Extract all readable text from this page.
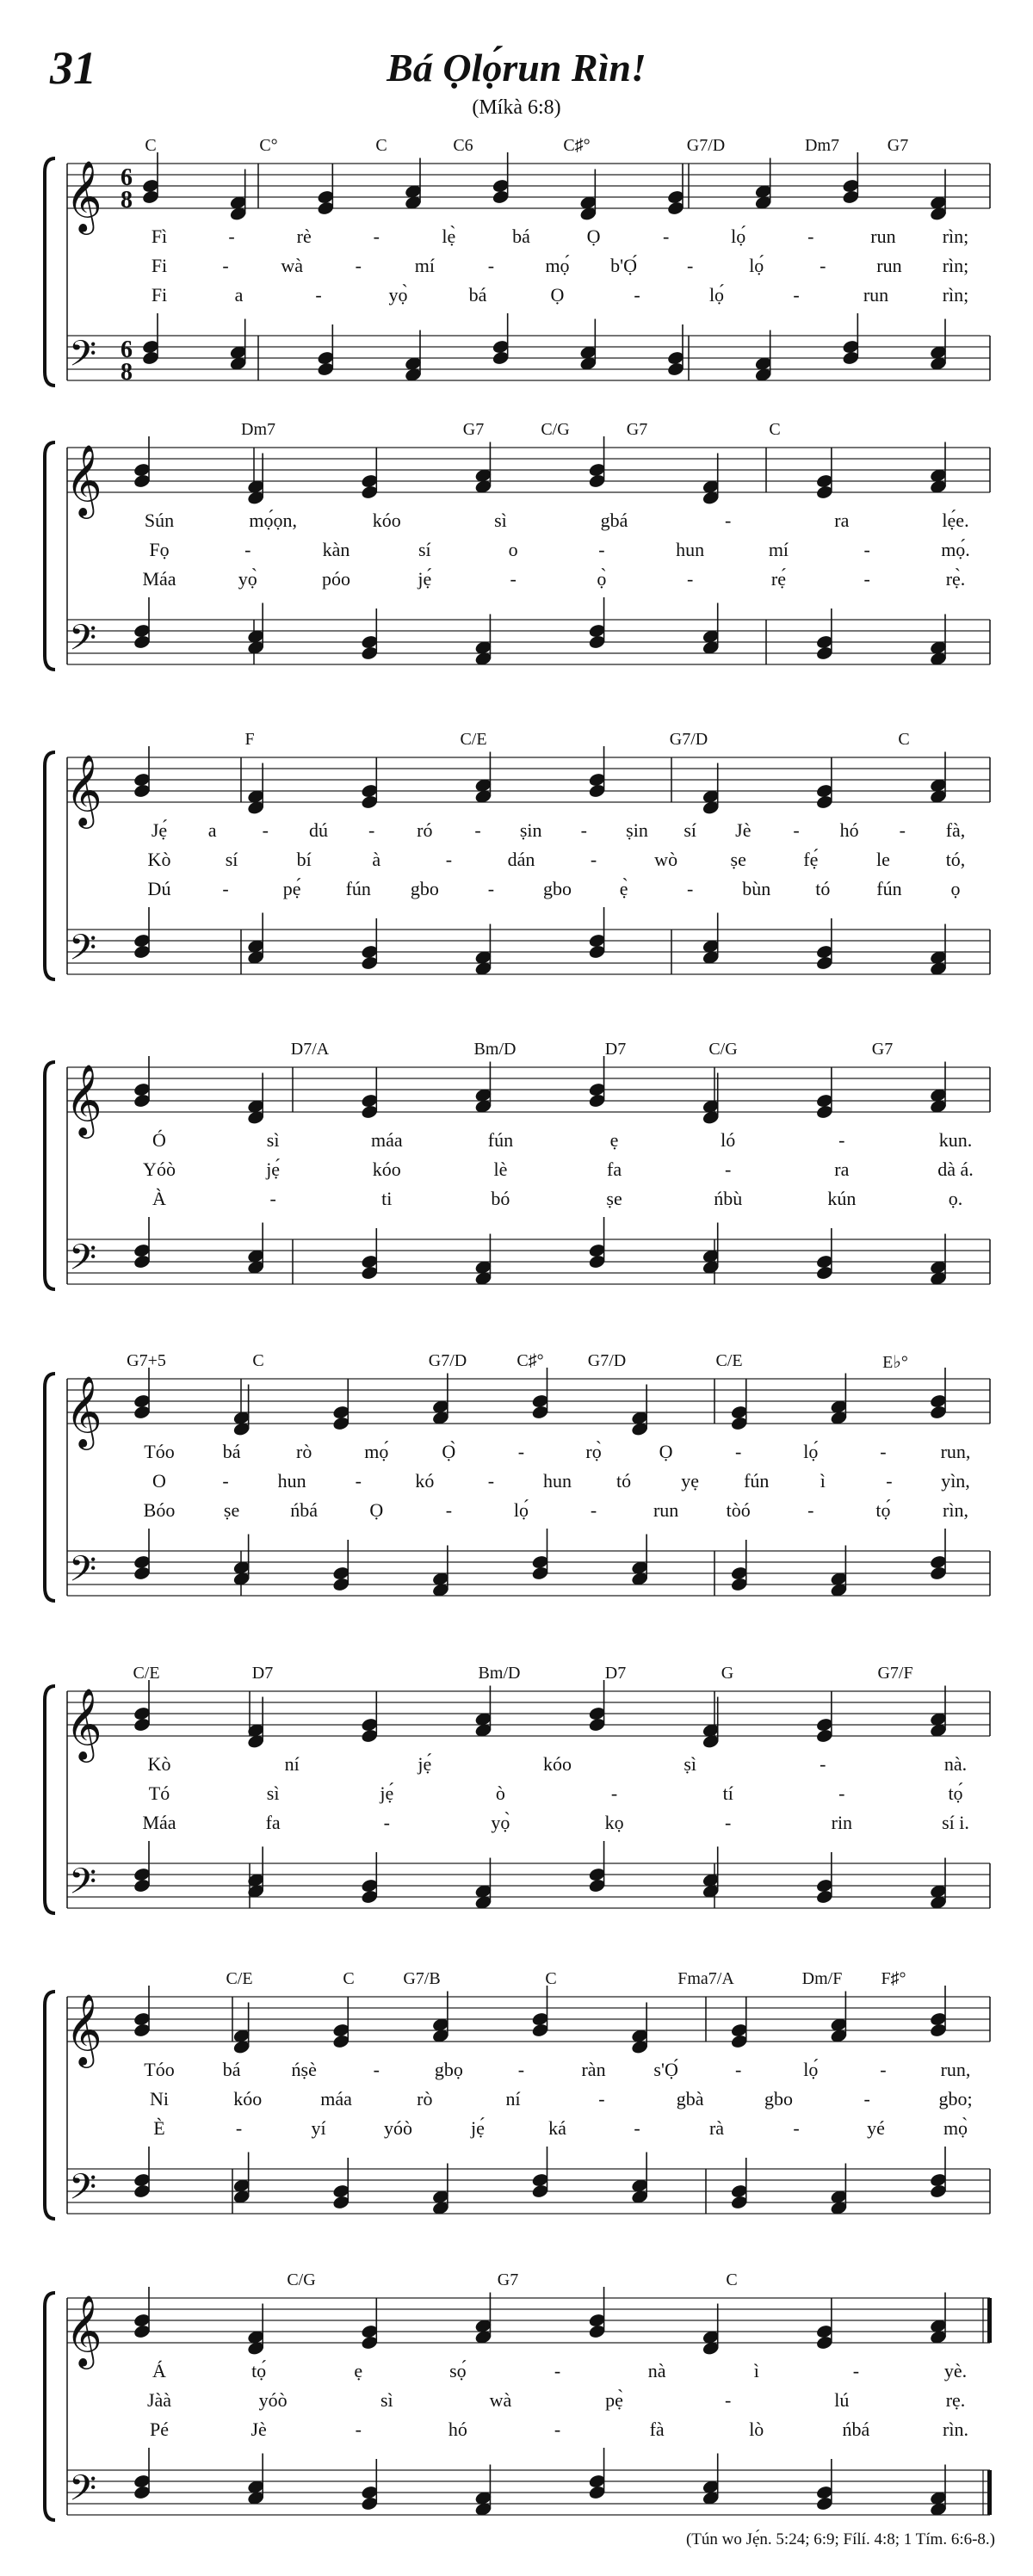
31	Bá Ọlọ́run Rìn!
(Míkà 6:8)
𝄞
𝄢
6
8
6
8
C	C°	C	C6	C♯°	G7/D	Dm7	G7
Fì	-	rè	-	lẹ̀	bá	Ọ	-	lọ́	-	run rìn;
Fi	-	wà	-	mí	-	mọ́ b'Ọ́	-	lọ́	-	run rìn;
Fi	a	-	yọ̀	bá	Ọ	-	lọ́	-	run	rìn;
𝄞
𝄢
Dm7	G7	C/G	G7	C
Sún	mọ́ọn,	kóo	sì	gbá	-	ra	lẹ́e.
Fọ	-	kàn	sí	o	-	hun	mí	-	mọ́.
Máa	yọ̀	póo	jẹ́	-	ọ̀	-	rẹ́	-	rẹ̀.
𝄞
𝄢
F	C/E	G7/D	C
Jẹ́ a - dú - ró - ṣin - ṣin sí Jè - hó - fà,
Kò	sí	bí	à	-	dán	-	wò	ṣe	fẹ́	le	tó,
Dú	-	pẹ́ fún gbo	-	gbo	ẹ̀	-	bùn tó fún	ọ
𝄞
𝄢
D7/A	Bm/D	D7	C/G	G7
Ó	sì	máa	fún	ẹ	ló	-	kun.
Yóò	jẹ́	kóo	lè	fa	-	ra	dà á.
À	-	ti	bó	ṣe	ńbù	kún	ọ.
𝄞
𝄢
G7+5	C	G7/D	C♯°	G7/D	C/E	E♭°
Tóo	bá	rò	mọ́	Ọ̀	-	rọ̀	Ọ	-	lọ́	-	run,
O	-	hun	-	kó	-	hun tó	yẹ fún	ì	-	yìn,
Bóo	ṣe	ńbá	Ọ	-	lọ́	-	run	tòó	-	tọ́	rìn,
𝄞
𝄢
C/E	D7	Bm/D	D7	G	G7/F
Kò	ní	jẹ́	kóo	ṣì	-	nà.
Tó	sì	jẹ́	ò	-	tí	-	tọ́
Máa	fa	-	yọ̀	kọ	-	rin	sí i.
𝄞
𝄢
C/E	C	G7/B	C	Fma7/A	Dm/F F♯°
Tóo	bá	ńṣè	-	gbọ	-	ràn	s'Ọ́	-	lọ́	-	run,
Ni	kóo	máa	rò	ní	-	gbà	gbo	-	gbo;
È	-	yí	yóò	jẹ́	ká	-	rà	-	yé	mọ̀
𝄞
𝄢
C/G	G7	C
Á	tọ́	ẹ	sọ́	-	nà	ì	-	yè.
Jàà	yóò	sì	wà	pẹ̀	-	lú	rẹ.
Pé	Jè	-	hó	-	fà	lò	ńbá	rìn.
(Tún wo Jẹ́n. 5:24; 6:9; Fílí. 4:8; 1 Tím. 6:6-8.)
